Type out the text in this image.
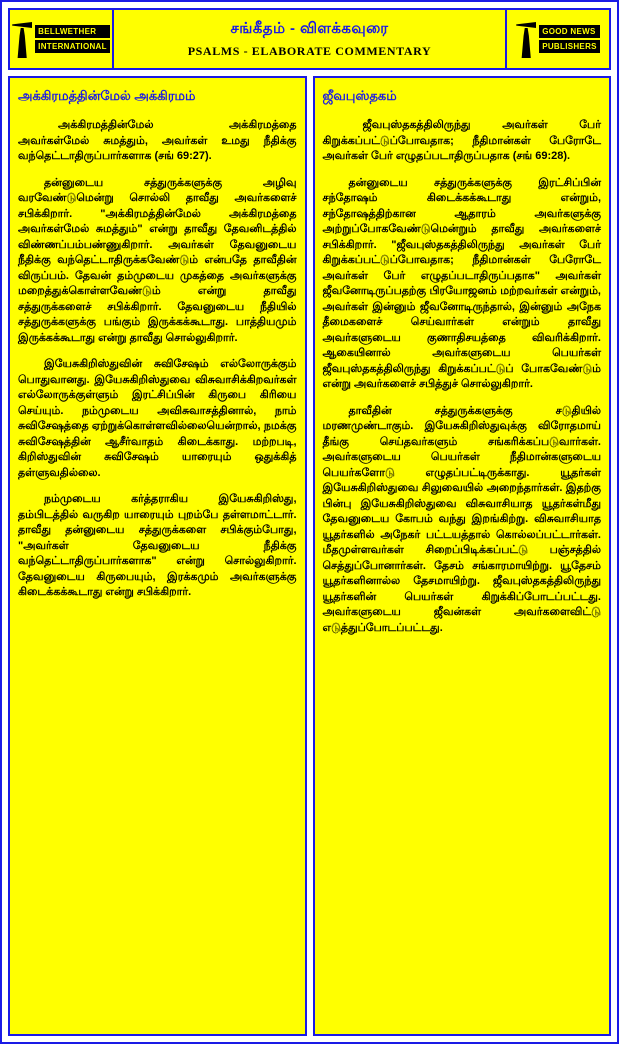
BELLWETHER
INTERNATIONAL
சங்கீதம் - விளக்கவுரை
PSALMS - ELABORATE COMMENTARY
GOOD NEWS
PUBLISHERS
அக்கிரமத்தின்மேல் அக்கிரமம்

அக்கிரமத்தின்மேல் அக்கிரமத்தை அவர்கள்மேல் சுமத்தும், அவர்கள் உமது நீதிக்கு வந்தெட்டாதிருப்பார்களாக (சங் 69:27).

தன்னுடைய சத்துருக்களுக்கு அழிவு வரவேண்டுமென்று சொல்லி தாவீது அவர்களைச் சபிக்கிறார். "அக்கிரமத்தின்மேல் அக்கிரமத்தை அவர்கள்மேல் சுமத்தும்" என்று தாவீது தேவனிடத்தில் விண்ணப்பம்பண்ணுகிறார். அவர்கள் தேவனுடைய நீதிக்கு வந்தெட்டாதிருக்கவேண்டும் என்பதே தாவீதின் விருப்பம். தேவன் தம்முடைய முகத்தை அவர்களுக்கு மறைத்துக்கொள்ளவேண்டும் என்று தாவீது சத்துருக்களைச் சபிக்கிறார். தேவனுடைய நீதியில் சத்துருக்களுக்கு பங்கும் இருக்கக்கூடாது. பாத்தியமும் இருக்கக்கூடாது என்று தாவீது சொல்லுகிறார்.

இயேசுகிறிஸ்துவின் சுவிசேஷம் எல்லோருக்கும் பொதுவானது. இயேசுகிறிஸ்துவை விசுவாசிக்கிறவர்கள் எல்லோருக்குள்ளும் இரட்சிப்பின் கிருபை கிரியை செய்யும். நம்முடைய அவிசுவாசத்தினால், நாம் சுவிசேஷத்தை ஏற்றுக்கொள்ளவில்லையென்றால், நமக்கு சுவிசேஷத்தின் ஆசீர்வாதம் கிடைக்காது. மற்றபடி, கிறிஸ்துவின் சுவிசேஷம் யாரையும் ஒதுக்கித் தள்ளுவதில்லை.

நம்முடைய கர்த்தராகிய இயேசுகிறிஸ்து, தம்பிடத்தில் வருகிற யாரையும் புறம்பே தள்ளமாட்டார். தாவீது தன்னுடைய சத்துருக்களை சபிக்கும்போது, "அவர்கள் தேவனுடைய நீதிக்கு வந்தெட்டாதிருப்பார்களாக" என்று சொல்லுகிறார். தேவனுடைய கிருபையும், இரக்கமும் அவர்களுக்கு கிடைக்கக்கூடாது என்று சபிக்கிறார்.

ஜீவபுஸ்தகம்

ஜீவபுஸ்தகத்திலிருந்து அவர்கள் பேர் கிறுக்கப்பட்டுப்போவதாக; நீதிமான்கள் பேரோடே அவர்கள் பேர் எழுதப்படாதிருப்பதாக (சங் 69:28).

தன்னுடைய சத்துருக்களுக்கு இரட்சிப்பின் சந்தோஷம் கிடைக்கக்கூடாது என்றும், சந்தோஷத்திற்கான ஆதாரம் அவர்களுக்கு அற்றுப்போகவேண்டுமென்றும் தாவீது அவர்களைச் சபிக்கிறார். "ஜீவபுஸ்தகத்திலிருந்து அவர்கள் பேர் கிறுக்கப்பட்டுப்போவதாக; நீதிமான்கள் பேரோடே அவர்கள் பேர் எழுதப்படாதிருப்பதாக" அவர்கள் ஜீவனோடிருப்பதற்கு பிரயோஜனம் மற்றவர்கள் என்றும், அவர்கள் இன்னும் ஜீவனோடிருந்தால், இன்னும் அநேக தீமைகளைச் செய்வார்கள் என்றும் தாவீது அவர்களுடைய குணாதிசயத்தை விவரிக்கிறார். ஆகையினால் அவர்களுடைய பெயர்கள் ஜீவபுஸ்தகத்திலிருந்து கிறுக்கப்பட்டுப் போகவேண்டும் என்று அவர்களைச் சபித்துச் சொல்லுகிறார்.

தாவீதின் சத்துருக்களுக்கு சடுதியில் மரணமுண்டாகும். இயேசுகிறிஸ்துவுக்கு விரோதமாய் தீங்கு செய்தவர்களும் சங்கரிக்கப்படுவார்கள். அவர்களுடைய பெயர்கள் நீதிமான்களுடைய பெயர்களோடு எழுதப்பட்டிருக்காது. யூதர்கள் இயேசுகிறிஸ்துவை சிலுவையில் அறைந்தார்கள். இதற்கு பின்பு இயேசுகிறிஸ்துவை விசுவாசியாத யூதர்கள்மீது தேவனுடைய கோபம் வந்து இறங்கிற்று. விசுவாசியாத யூதர்களில் அநேகர் பட்டயத்தால் கொல்லப்பட்டார்கள். மீதமுள்ளவர்கள் சிறைப்பிடிக்கப்பட்டு பஞ்சத்தில் செத்துப்போனார்கள். தேசம் சங்காரமாயிற்று. யூதேசம் யூதர்களினால்ல தேசமாயிற்று. ஜீவபுஸ்தகத்திலிருந்து யூதர்களின் பெயர்கள் கிறுக்கிப்போடப்பட்டது. அவர்களுடைய ஜீவன்கள் அவர்களைவிட்டு எடுத்துப்போடப்பட்டது.
